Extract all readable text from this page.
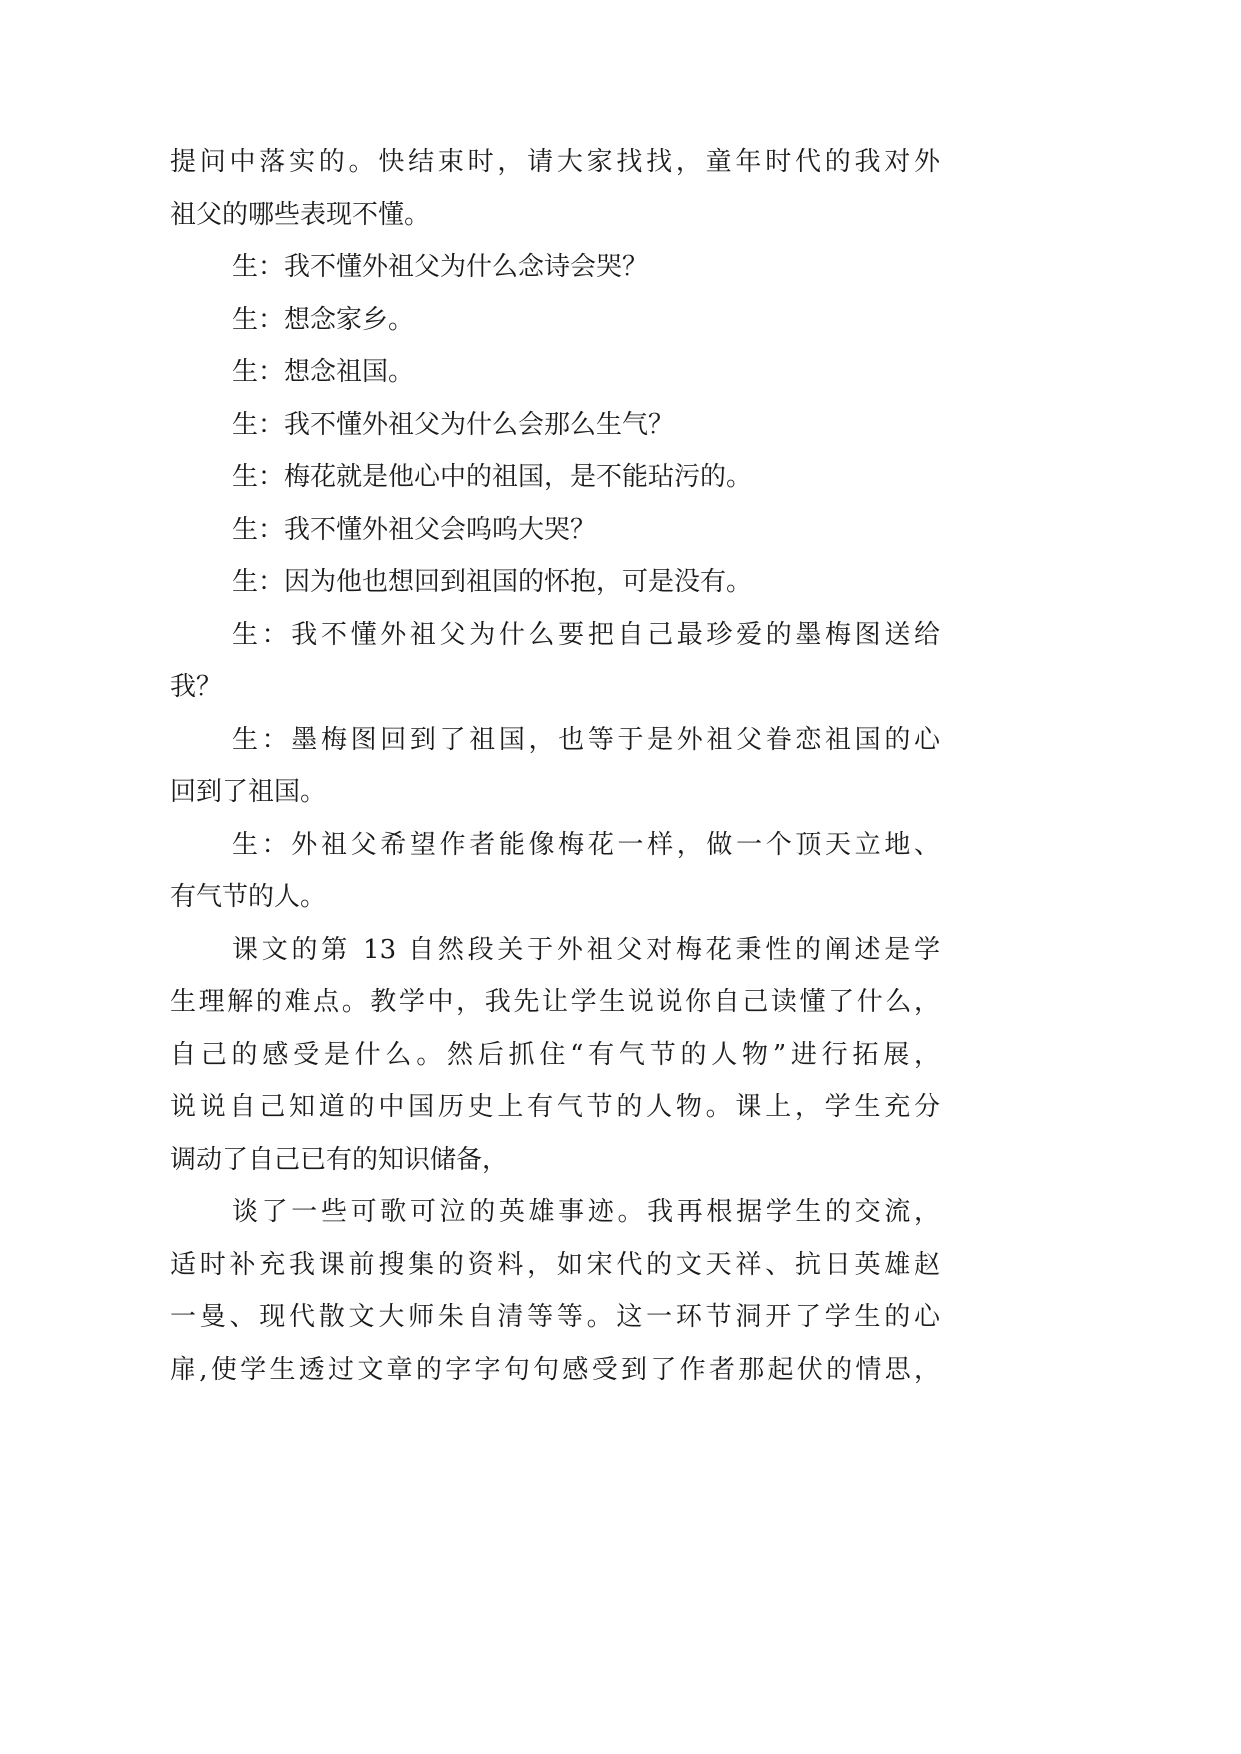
提问中落实的。快结束时，请大家找找，童年时代的我对外
祖父的哪些表现不懂。
生：我不懂外祖父为什么念诗会哭？
生：想念家乡。
生：想念祖国。
生：我不懂外祖父为什么会那么生气？
生：梅花就是他心中的祖国，是不能玷污的。
生：我不懂外祖父会呜呜大哭？
生：因为他也想回到祖国的怀抱，可是没有。
生：我不懂外祖父为什么要把自己最珍爱的墨梅图送给
我？
生：墨梅图回到了祖国，也等于是外祖父眷恋祖国的心
回到了祖国。
生：外祖父希望作者能像梅花一样，做一个顶天立地、
有气节的人。
课文的第 13 自然段关于外祖父对梅花秉性的阐述是学
生理解的难点。教学中，我先让学生说说你自己读懂了什么，
自己的感受是什么。然后抓住“有气节的人物”进行拓展，
说说自己知道的中国历史上有气节的人物。课上，学生充分
调动了自己已有的知识储备，
谈了一些可歌可泣的英雄事迹。我再根据学生的交流，
适时补充我课前搜集的资料，如宋代的文天祥、抗日英雄赵
一曼、现代散文大师朱自清等等。这一环节洞开了学生的心
扉,使学生透过文章的字字句句感受到了作者那起伏的情思，
